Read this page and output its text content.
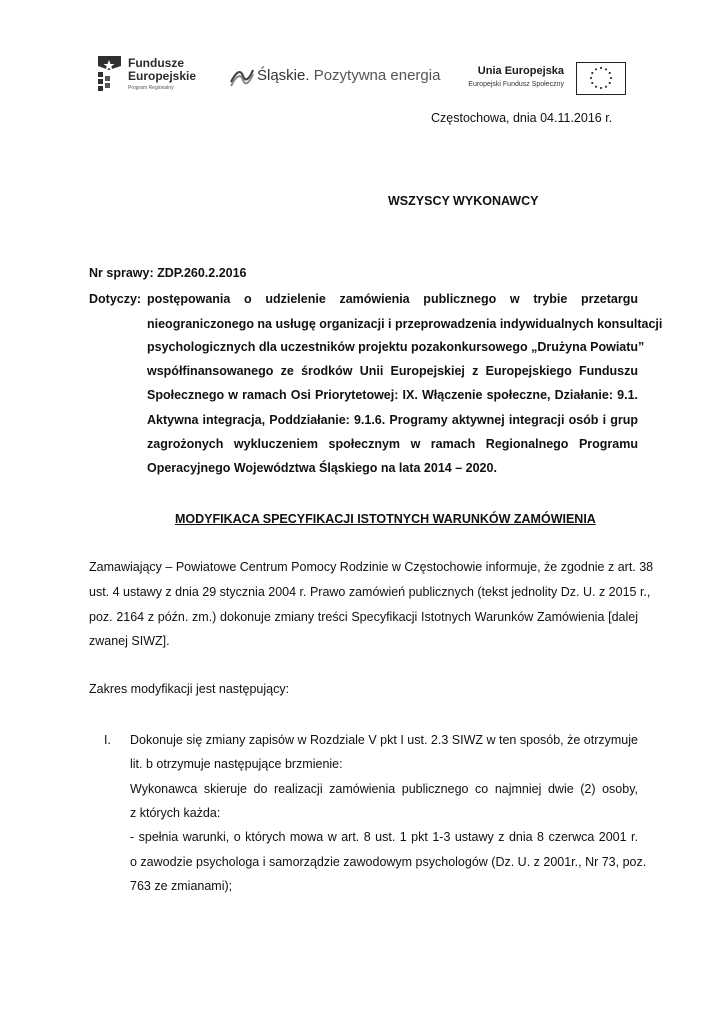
Fundusze
Europejskie
Program Regionalny
Śląskie. Pozytywna energia	Unia Europejska
Europejski Fundusz Społeczny
Częstochowa, dnia 04.11.2016 r.
WSZYSCY WYKONAWCY
Nr sprawy: ZDP.260.2.2016
Dotyczy: postępowania o udzielenie zamówienia publicznego w trybie przetargu
nieograniczonego na usługę organizacji i przeprowadzenia indywidualnych konsultacji
psychologicznych dla uczestników projektu pozakonkursowego „Drużyna Powiatu”
współfinansowanego ze środków Unii Europejskiej z Europejskiego Funduszu
Społecznego w ramach Osi Priorytetowej: IX. Włączenie społeczne, Działanie: 9.1.
Aktywna integracja, Poddziałanie: 9.1.6. Programy aktywnej integracji osób i grup
zagrożonych wykluczeniem społecznym w ramach Regionalnego Programu
Operacyjnego Województwa Śląskiego na lata 2014 – 2020.
MODYFIKACA SPECYFIKACJI ISTOTNYCH WARUNKÓW ZAMÓWIENIA
Zamawiający – Powiatowe Centrum Pomocy Rodzinie w Częstochowie informuje, że zgodnie z art. 38
ust. 4 ustawy z dnia 29 stycznia 2004 r. Prawo zamówień publicznych (tekst jednolity Dz. U. z 2015 r.,
poz. 2164 z późn. zm.) dokonuje zmiany treści Specyfikacji Istotnych Warunków Zamówienia [dalej
zwanej SIWZ].
Zakres modyfikacji jest następujący:
I. Dokonuje się zmiany zapisów w Rozdziale V pkt I ust. 2.3 SIWZ w ten sposób, że otrzymuje
lit. b otrzymuje następujące brzmienie:
Wykonawca skieruje do realizacji zamówienia publicznego co najmniej dwie (2) osoby,
z których każda:
- spełnia warunki, o których mowa w art. 8 ust. 1 pkt 1-3 ustawy z dnia 8 czerwca 2001 r.
o zawodzie psychologa i samorządzie zawodowym psychologów (Dz. U. z 2001r., Nr 73, poz.
763 ze zmianami);
